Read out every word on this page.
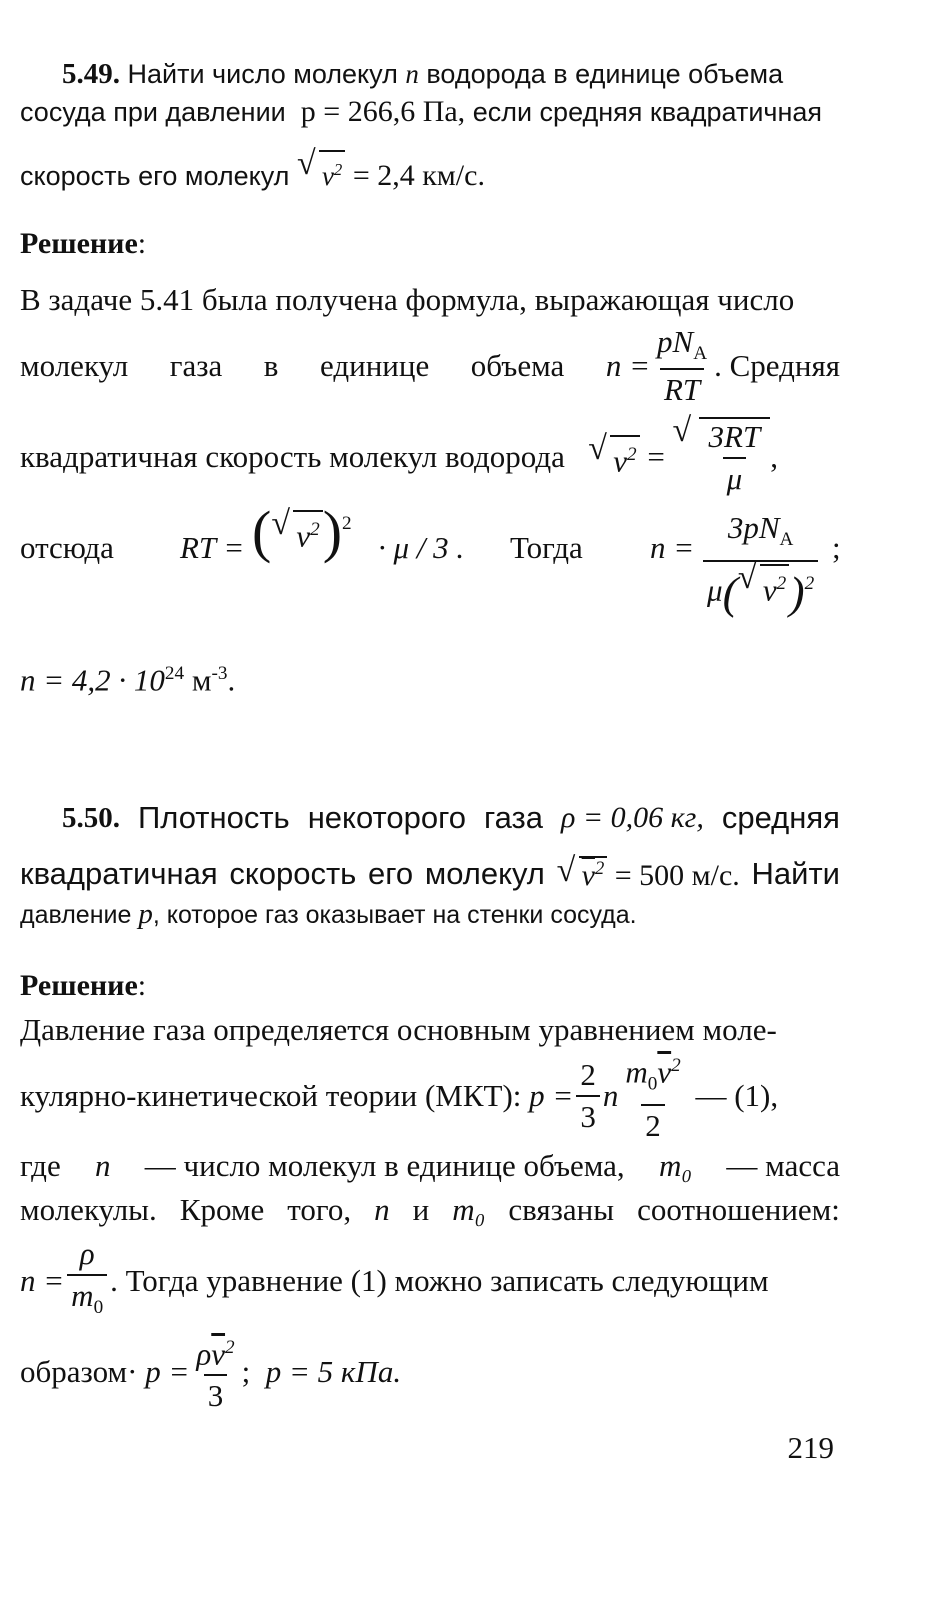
5.49. Найти число молекул n водорода в единице объема
сосуда при давлении p = 266,6 Па, если средняя квадратичная
скорость его молекул √ $v^2 = 2,4$ км/с.
Решение:
В задаче 5.41 была получена формула, выражающая число
молекул газа в единице объема $n = \frac{pN_A}{RT}$ . Средняя
квадратичная скорость молекул водорода
	√ $v^2$
=
√ $\frac{3RT}{\mu}$ ,
отсюда RT = ( √ $v^2)^2$
· μ / 3 . Тогда n =
$3pN_A$
μ( √ $v^2)^2$
;
$n = 4,2 \cdot 10^{24}$ $м^{-3}$.
5.50. Плотность некоторого газа ρ = 0,06 кг, средняя
квадратичная скорость его молекул	√ $\overline{v}^2 = 500$ м/с. Найти
давление p, которое газ оказывает на стенки сосуда.
Решение:
Давление газа определяется основным уравнением моле-
кулярно-кинетической теории (МКТ):
$p = \frac{2}{3}$ n $\frac{m_0\overline{v}^2}{2}$
— (1),
где n — число молекул в единице объема, m₀ — масса
молекулы. Кроме того, n и m₀ связаны соотношением:
$n = \frac{\rho}{m_0}$ . Тогда уравнение (1) можно записать следующим
образом·
$p = \frac{\rho\overline{v}^2}{3}$ ;
p = 5 кПа.
219
